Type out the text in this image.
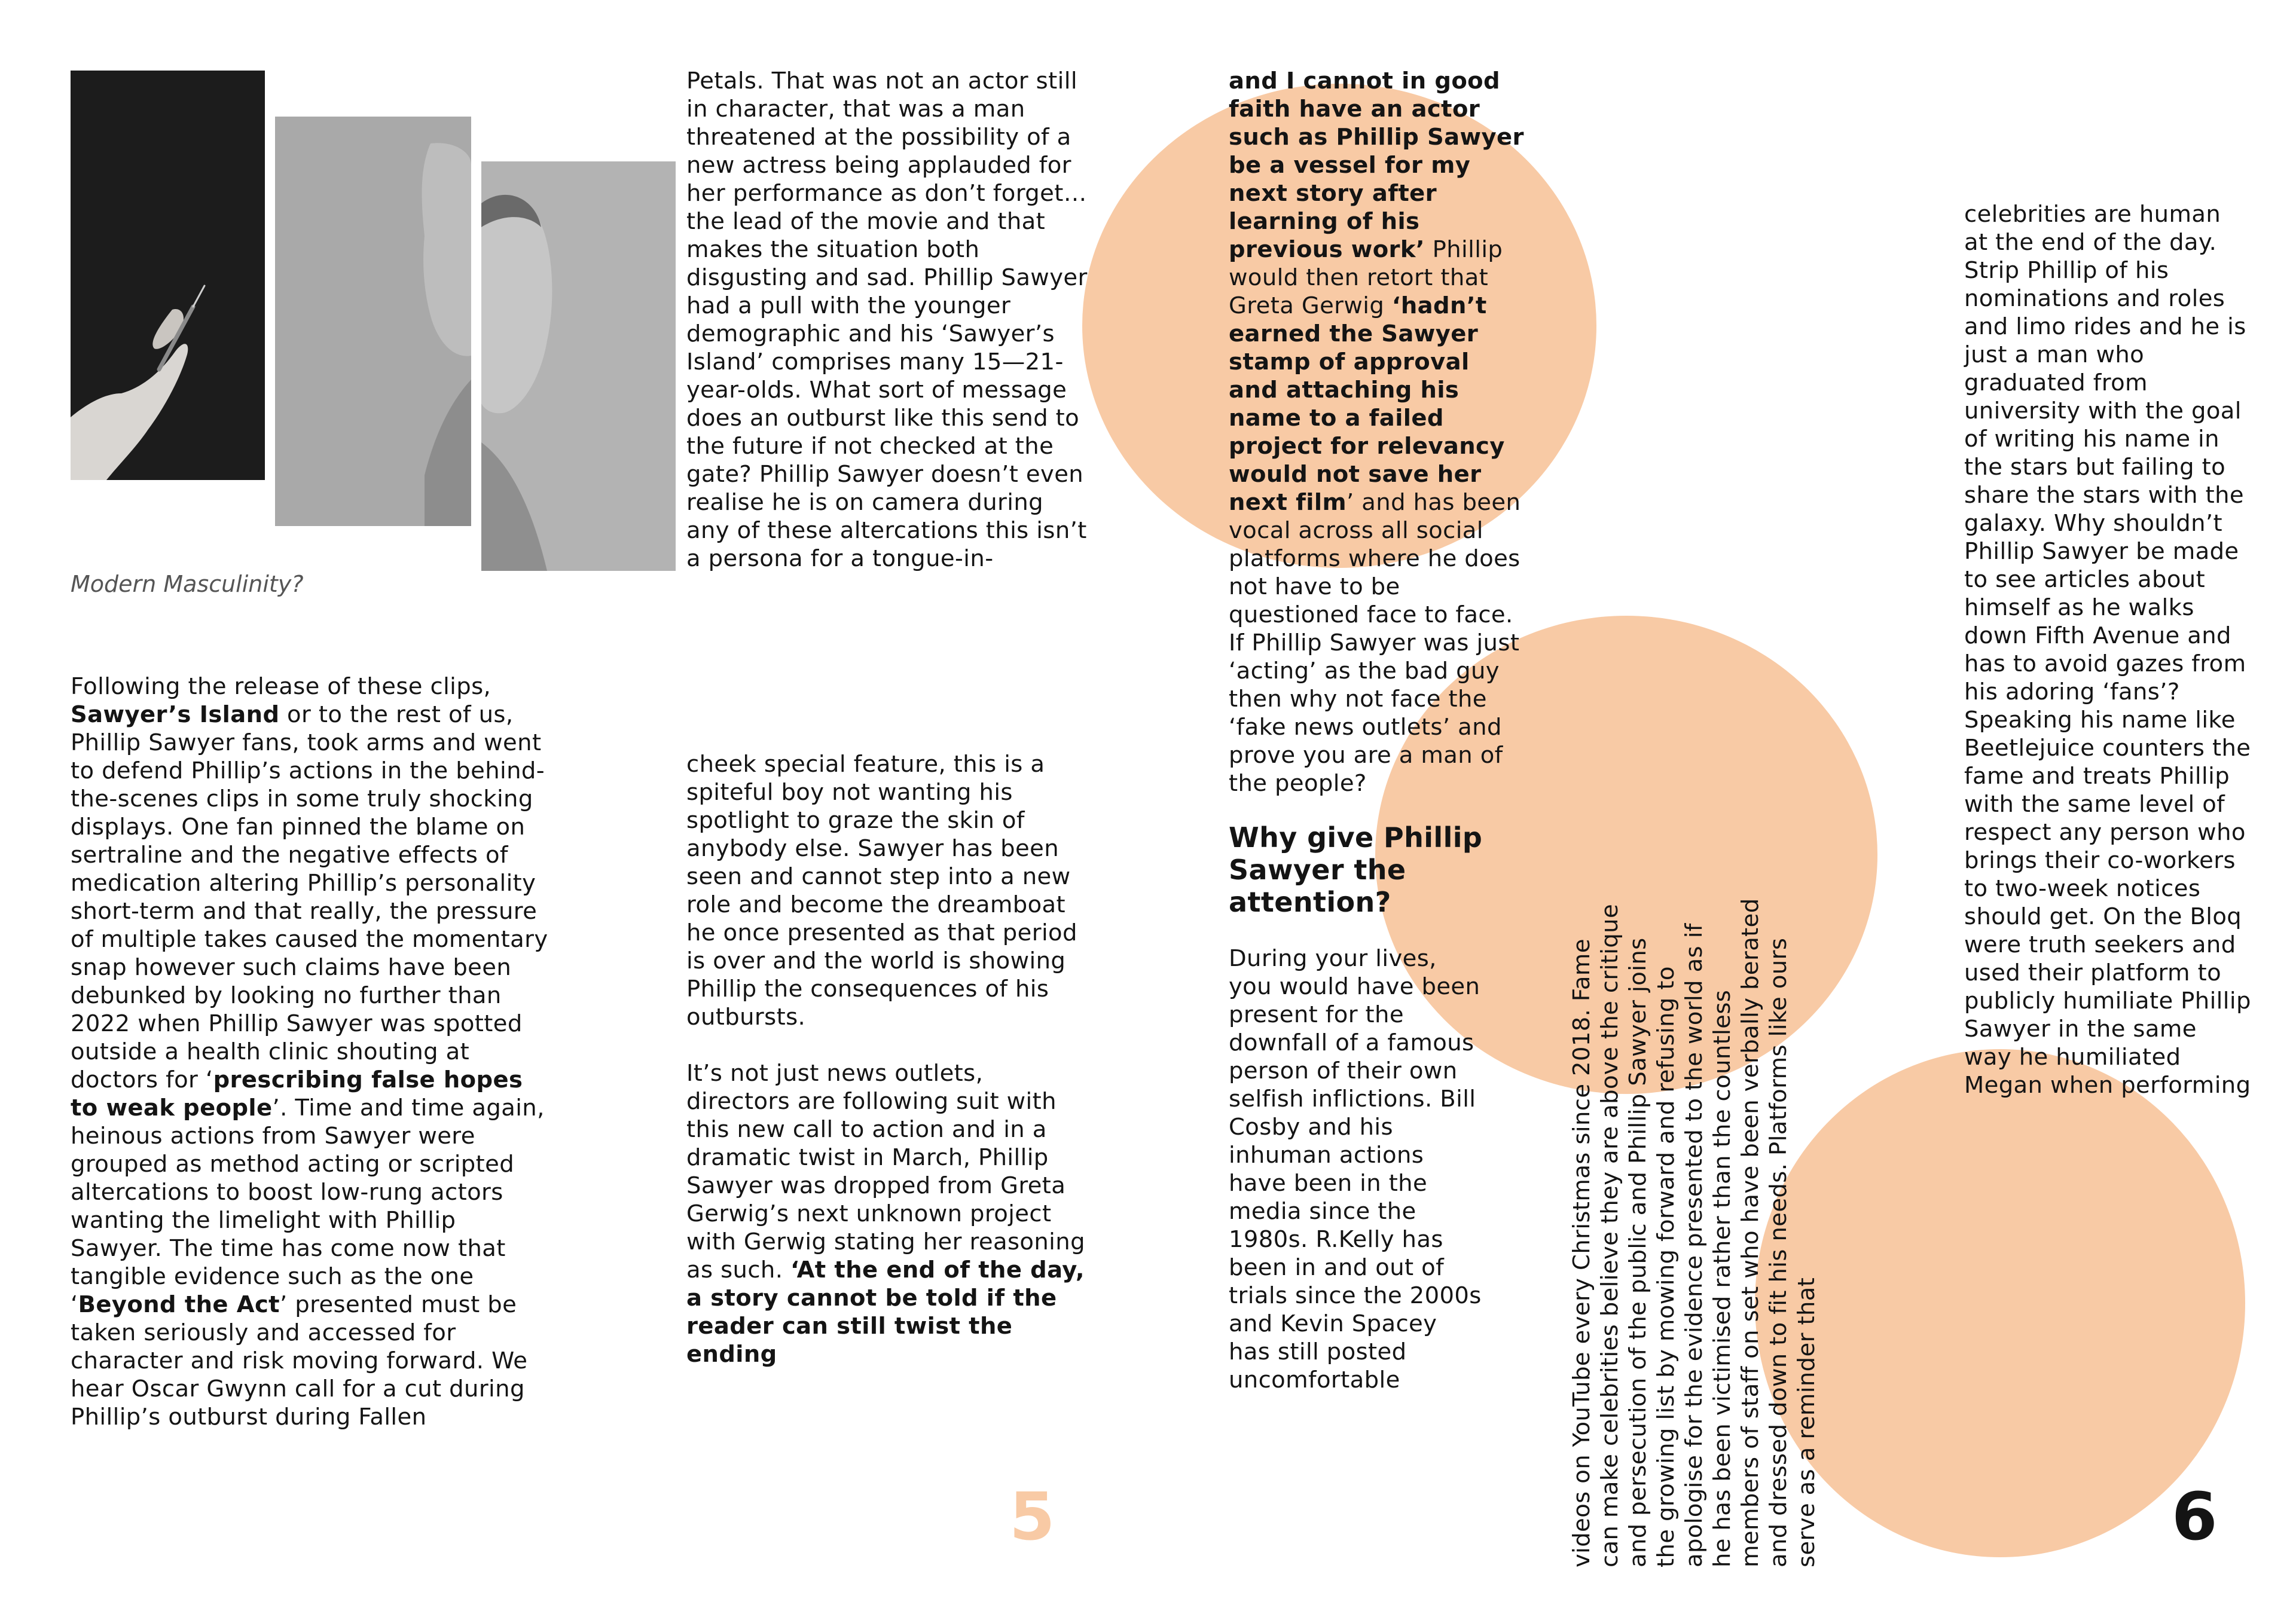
Modern Masculinity?

Following the release of these clips, Sawyer’s Island or to the rest of us, Phillip Sawyer fans, took arms and went to defend Phillip’s actions in the behind-the-scenes clips in some truly shocking displays. One fan pinned the blame on sertraline and the negative effects of medication altering Phillip’s personality short-term and that really, the pressure of multiple takes caused the momentary snap however such claims have been debunked by looking no further than 2022 when Phillip Sawyer was spotted outside a health clinic shouting at doctors for ‘prescribing false hopes to weak people’. Time and time again, heinous actions from Sawyer were grouped as method acting or scripted altercations to boost low-rung actors wanting the limelight with Phillip Sawyer. The time has come now that tangible evidence such as the one ‘Beyond the Act’ presented must be taken seriously and accessed for character and risk moving forward. We hear Oscar Gwynn call for a cut during Phillip’s outburst during Fallen

Petals. That was not an actor still in character, that was a man threatened at the possibility of a new actress being applauded for her performance as don’t forget…the lead of the movie and that makes the situation both disgusting and sad. Phillip Sawyer had a pull with the younger demographic and his ‘Sawyer’s Island’ comprises many 15—21-year-olds. What sort of message does an outburst like this send to the future if not checked at the gate? Phillip Sawyer doesn’t even realise he is on camera during any of these altercations this isn’t a persona for a tongue-in-

cheek special feature, this is a spiteful boy not wanting his spotlight to graze the skin of anybody else. Sawyer has been seen and cannot step into a new role and become the dreamboat he once presented as that period is over and the world is showing Phillip the consequences of his outbursts.

It’s not just news outlets, directors are following suit with this new call to action and in a dramatic twist in March, Phillip Sawyer was dropped from Greta Gerwig’s next unknown project with Gerwig stating her reasoning as such. ‘At the end of the day, a story cannot be told if the reader can still twist the ending

5

and I cannot in good faith have an actor such as Phillip Sawyer be a vessel for my next story after learning of his previous work’ Phillip would then retort that Greta Gerwig ‘hadn’t earned the Sawyer stamp of approval and attaching his name to a failed project for relevancy would not save her next film’ and has been vocal across all social platforms where he does not have to be questioned face to face. If Phillip Sawyer was just ‘acting’ as the bad guy then why not face the ‘fake news outlets’ and prove you are a man of the people?

Why give Phillip Sawyer the attention?

During your lives, you would have been present for the downfall of a famous person of their own selfish inflictions. Bill Cosby and his inhuman actions have been in the media since the 1980s. R.Kelly has been in and out of trials since the 2000s and Kevin Spacey has still posted uncomfortable	videos on YouTube every Christmas since 2018. Fame can make celebrities believe they are above the critique and persecution of the public and Phillip Sawyer joins the growing list by mowing forward and refusing to apologise for the evidence presented to the world as if he has been victimised rather than the countless members of staff on set who have been verbally berated and dressed down to fit his needs. Platforms like ours serve as a reminder that

celebrities are human at the end of the day. Strip Phillip of his nominations and roles and limo rides and he is just a man who graduated from university with the goal of writing his name in the stars but failing to share the stars with the galaxy. Why shouldn’t Phillip Sawyer be made to see articles about himself as he walks down Fifth Avenue and has to avoid gazes from his adoring ‘fans’? Speaking his name like Beetlejuice counters the fame and treats Phillip with the same level of respect any person who brings their co-workers to two-week notices should get. On the Bloq were truth seekers and used their platform to publicly humiliate Phillip Sawyer in the same way he humiliated Megan when performing

6
